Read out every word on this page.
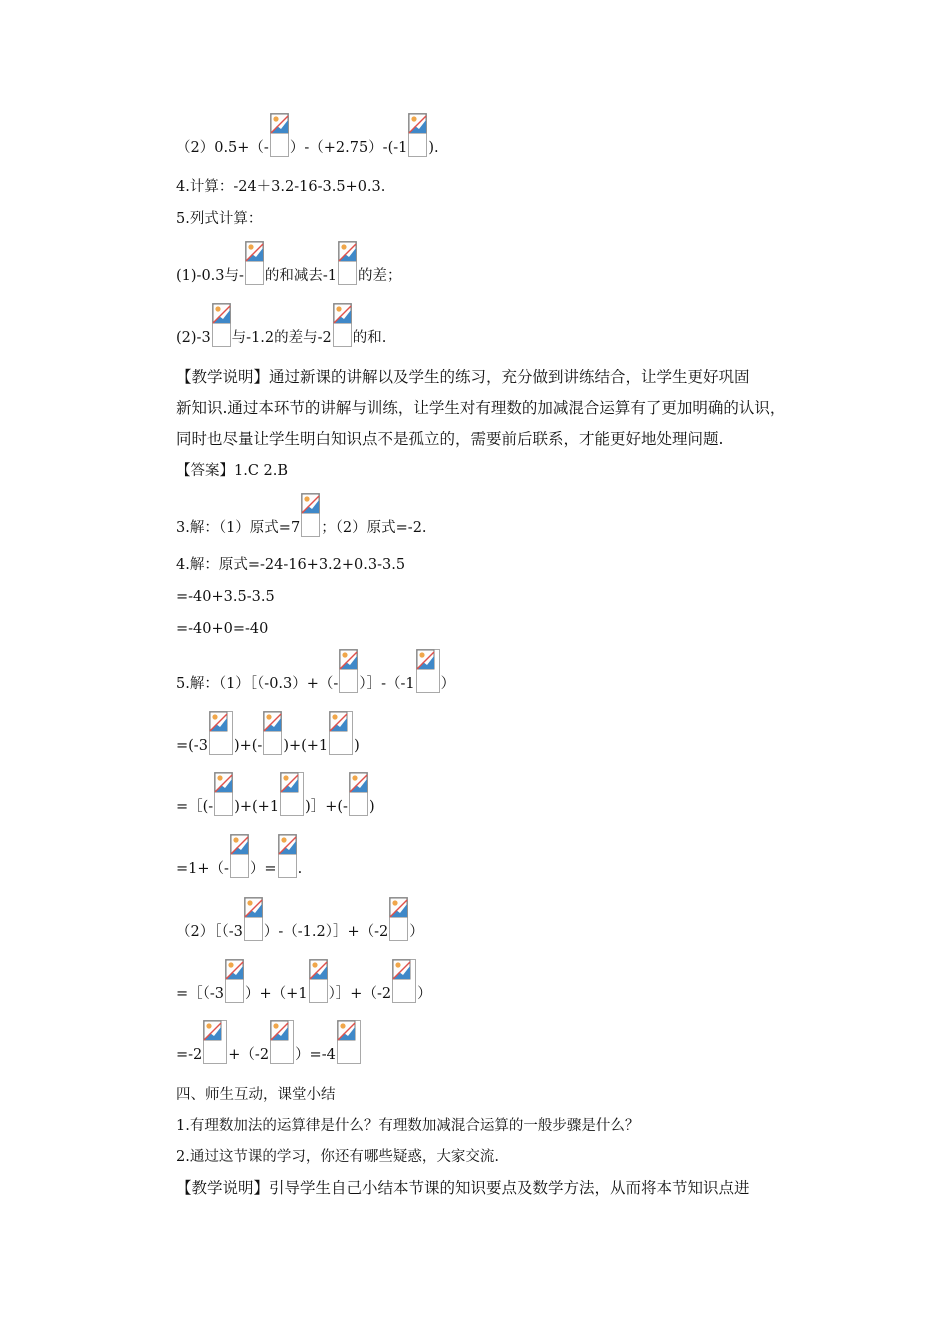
（2）0.5+（- ）-（+2.75）-(-1 ).
4.计算：-24＋3.2-16-3.5+0.3.
5.列式计算：
(1)-0.3与- 的和减去-1 的差；
(2)-3 与-1.2的差与-2 的和.

【教学说明】通过新课的讲解以及学生的练习，充分做到讲练结合，让学生更好巩固

新知识.通过本环节的讲解与训练，让学生对有理数的加减混合运算有了更加明确的认识，

同时也尽量让学生明白知识点不是孤立的，需要前后联系，才能更好地处理问题.

【答案】1.C 2.B
3.解：（1）原式=7 ；（2）原式=-2.
4.解：原式=-24-16+3.2+0.3-3.5
=-40+3.5-3.5
=-40+0=-40
5.解：（1）［（-0.3）+（- ）］-（-1 ）
=(-3 )+(- )+(+1 )
=［(- )+(+1 )］+(- )
=1+（- ）= .
（2）［（-3 ）-（-1.2）］+（-2 ）
=［（-3 ）+（+1 ）］+（-2 ）
=-2 +（-2 ）=-4

四、师生互动，课堂小结

1.有理数加法的运算律是什么？有理数加减混合运算的一般步骤是什么？

2.通过这节课的学习，你还有哪些疑惑，大家交流.

【教学说明】引导学生自己小结本节课的知识要点及数学方法，从而将本节知识点进
